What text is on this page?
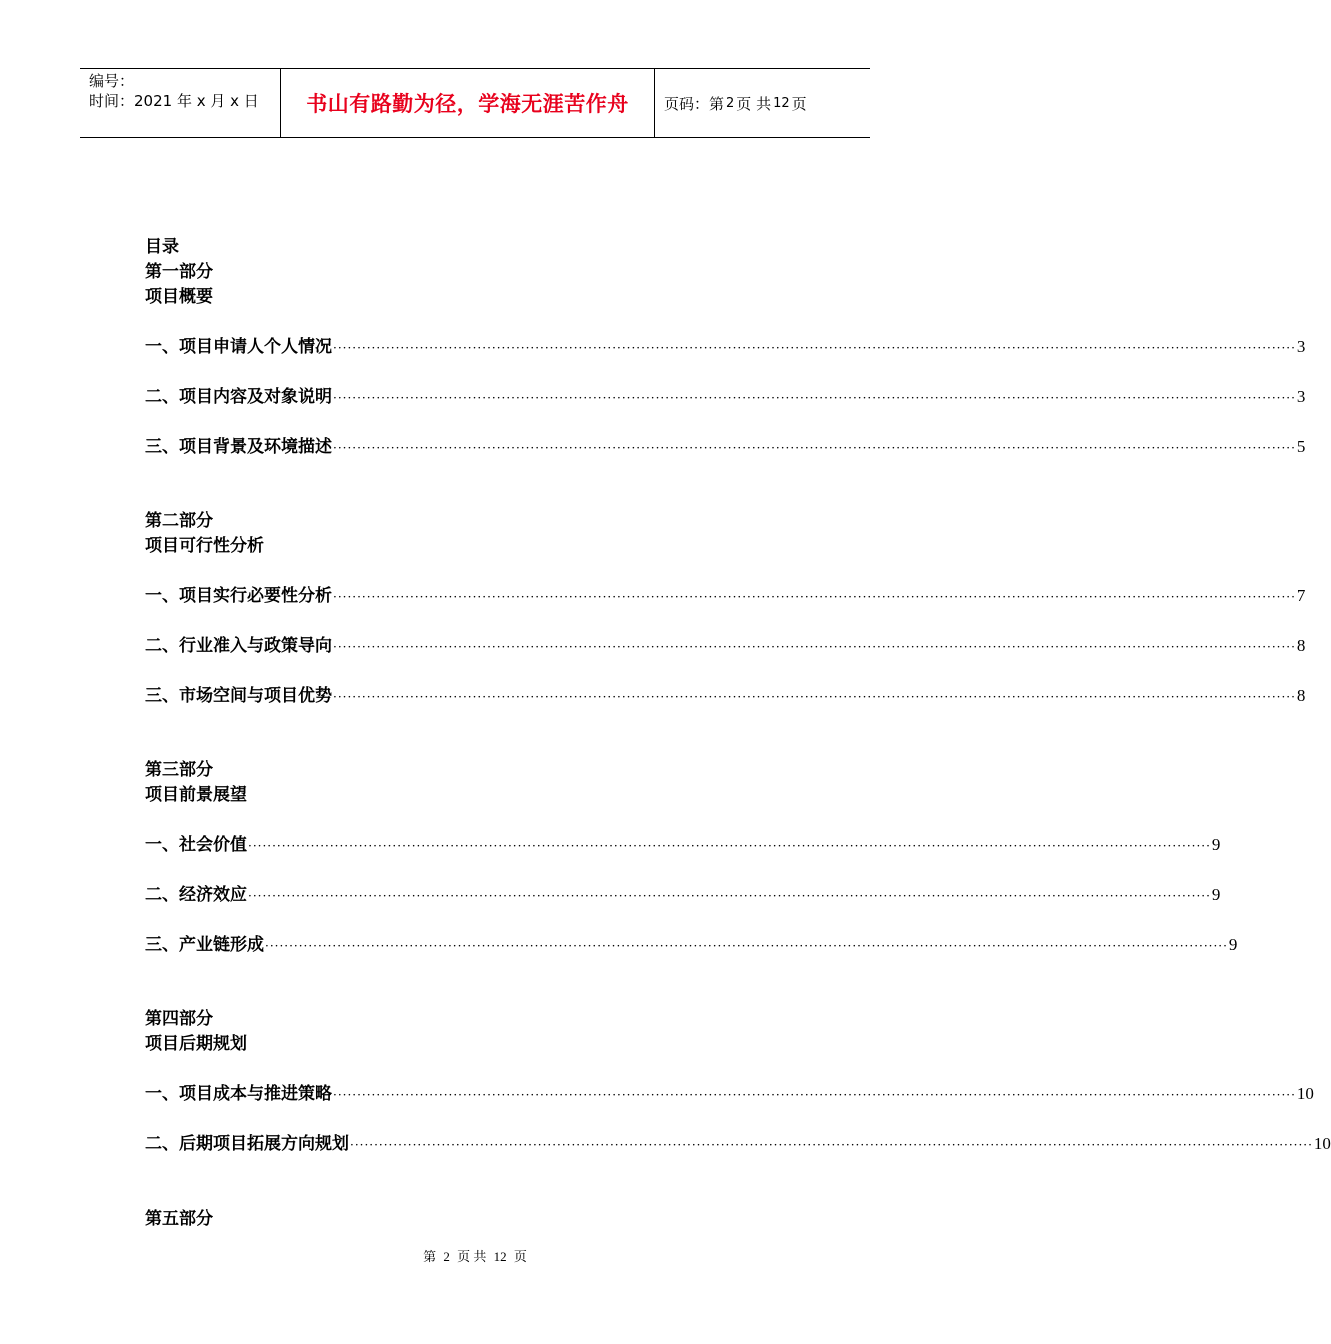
编号：
时间：2021 年 x 月 x 日	书山有路勤为径，学海无涯苦作舟 页码：第 2 页 共 12 页
目录
第一部分
项目概要
一、项目申请人个人情况 ········································································································································································································ 3
二、项目内容及对象说明 ········································································································································································································ 3
三、项目背景及环境描述 ········································································································································································································ 5
第二部分
项目可行性分析
一、项目实行必要性分析 ········································································································································································································ 7
二、行业准入与政策导向 ········································································································································································································ 8
三、市场空间与项目优势 ········································································································································································································ 8
第三部分
项目前景展望
一、社会价值 ········································································································································································································ 9
二、经济效应 ········································································································································································································ 9
三、产业链形成 ········································································································································································································ 9
第四部分
项目后期规划
一、项目成本与推进策略 ········································································································································································································ 10
二、后期项目拓展方向规划 ········································································································································································································ 10
第五部分
第 2 页 共 12 页
